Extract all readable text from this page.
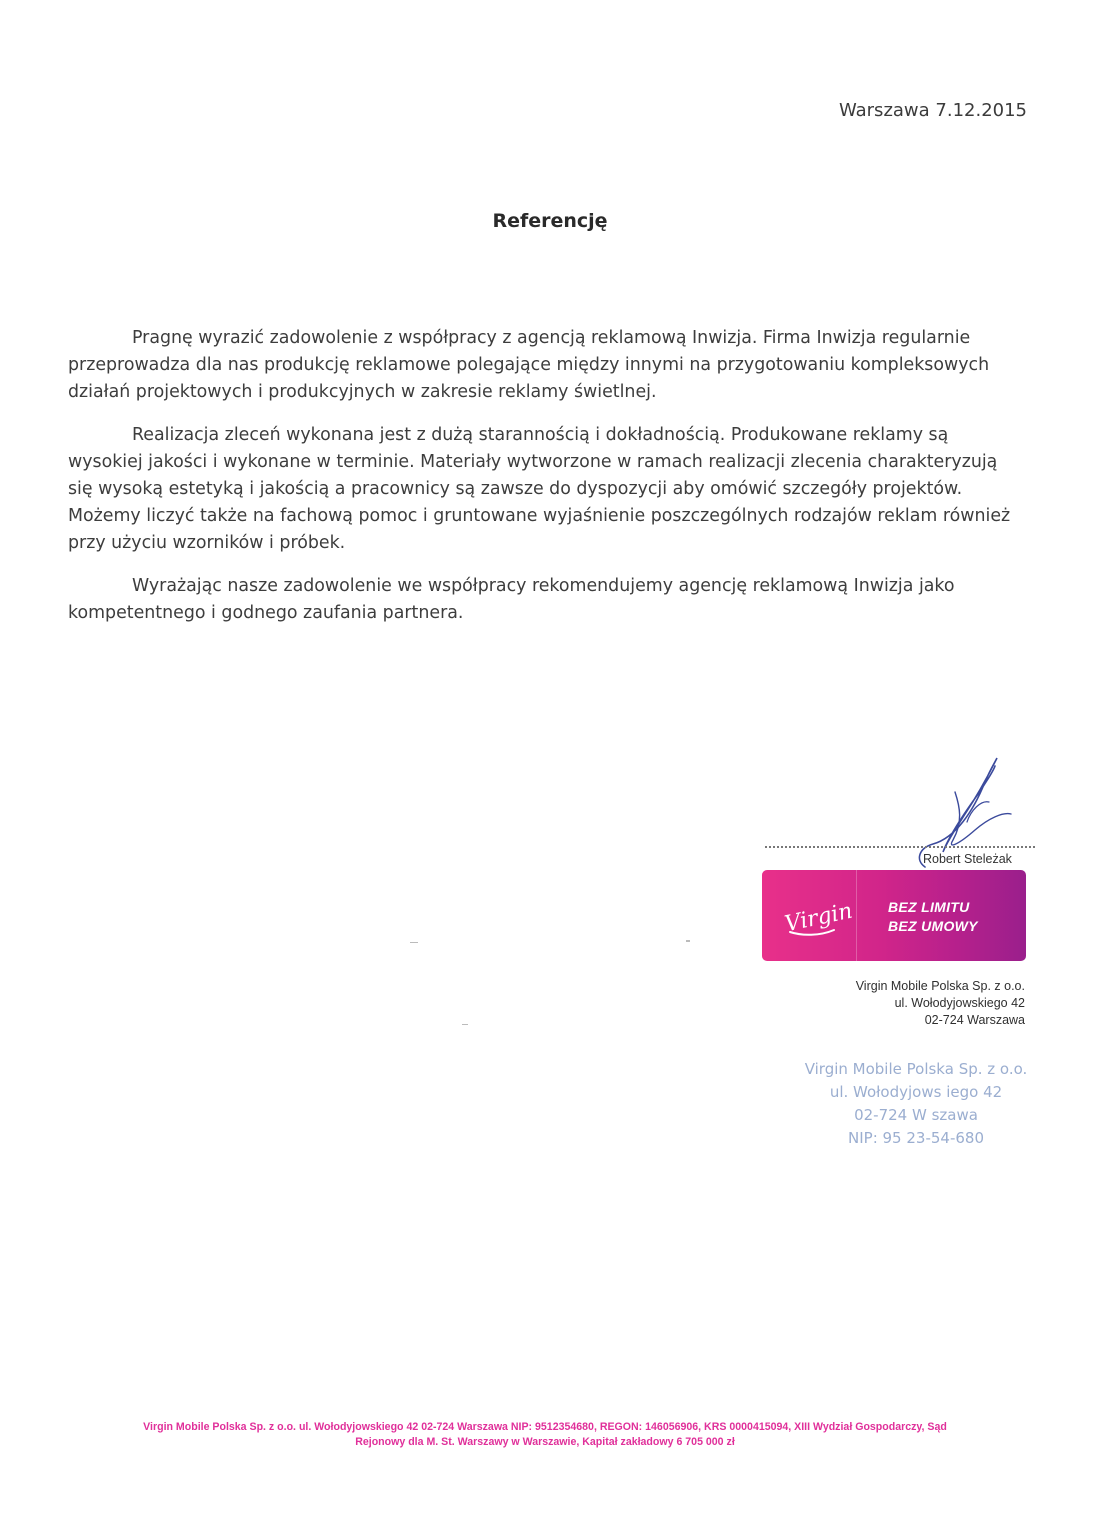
Warszawa 7.12.2015
Referencję

Pragnę wyrazić zadowolenie z współpracy z agencją reklamową Inwizja. Firma Inwizja regularnie przeprowadza dla nas produkcję reklamowe polegające między innymi na przygotowaniu kompleksowych działań projektowych i produkcyjnych w zakresie reklamy świetlnej.

Realizacja zleceń wykonana jest z dużą starannością i dokładnością. Produkowane reklamy są wysokiej jakości i wykonane w terminie. Materiały wytworzone w ramach realizacji zlecenia charakteryzują się wysoką estetyką i jakością a pracownicy są zawsze do dyspozycji aby omówić szczegóły projektów.

Możemy liczyć także na fachową pomoc i gruntowane wyjaśnienie poszczególnych rodzajów reklam również przy użyciu wzorników i próbek.

Wyrażając nasze zadowolenie we współpracy rekomendujemy agencję reklamową Inwizja jako kompetentnego i godnego zaufania partnera.

Robert Steleżak
Virgin BEZ LIMITU
BEZ UMOWY
Virgin Mobile Polska Sp. z o.o.
ul. Wołodyjowskiego 42
02-724 Warszawa
Virgin Mobile Polska Sp. z o.o.
ul. Wołodyjows iego 42
02-724 W szawa
NIP: 95 23-54-680
Virgin Mobile Polska Sp. z o.o. ul. Wołodyjowskiego 42 02-724 Warszawa NIP: 9512354680, REGON: 146056906, KRS 0000415094, XIII Wydział Gospodarczy, Sąd
Rejonowy dla M. St. Warszawy w Warszawie, Kapitał zakładowy 6 705 000 zł
